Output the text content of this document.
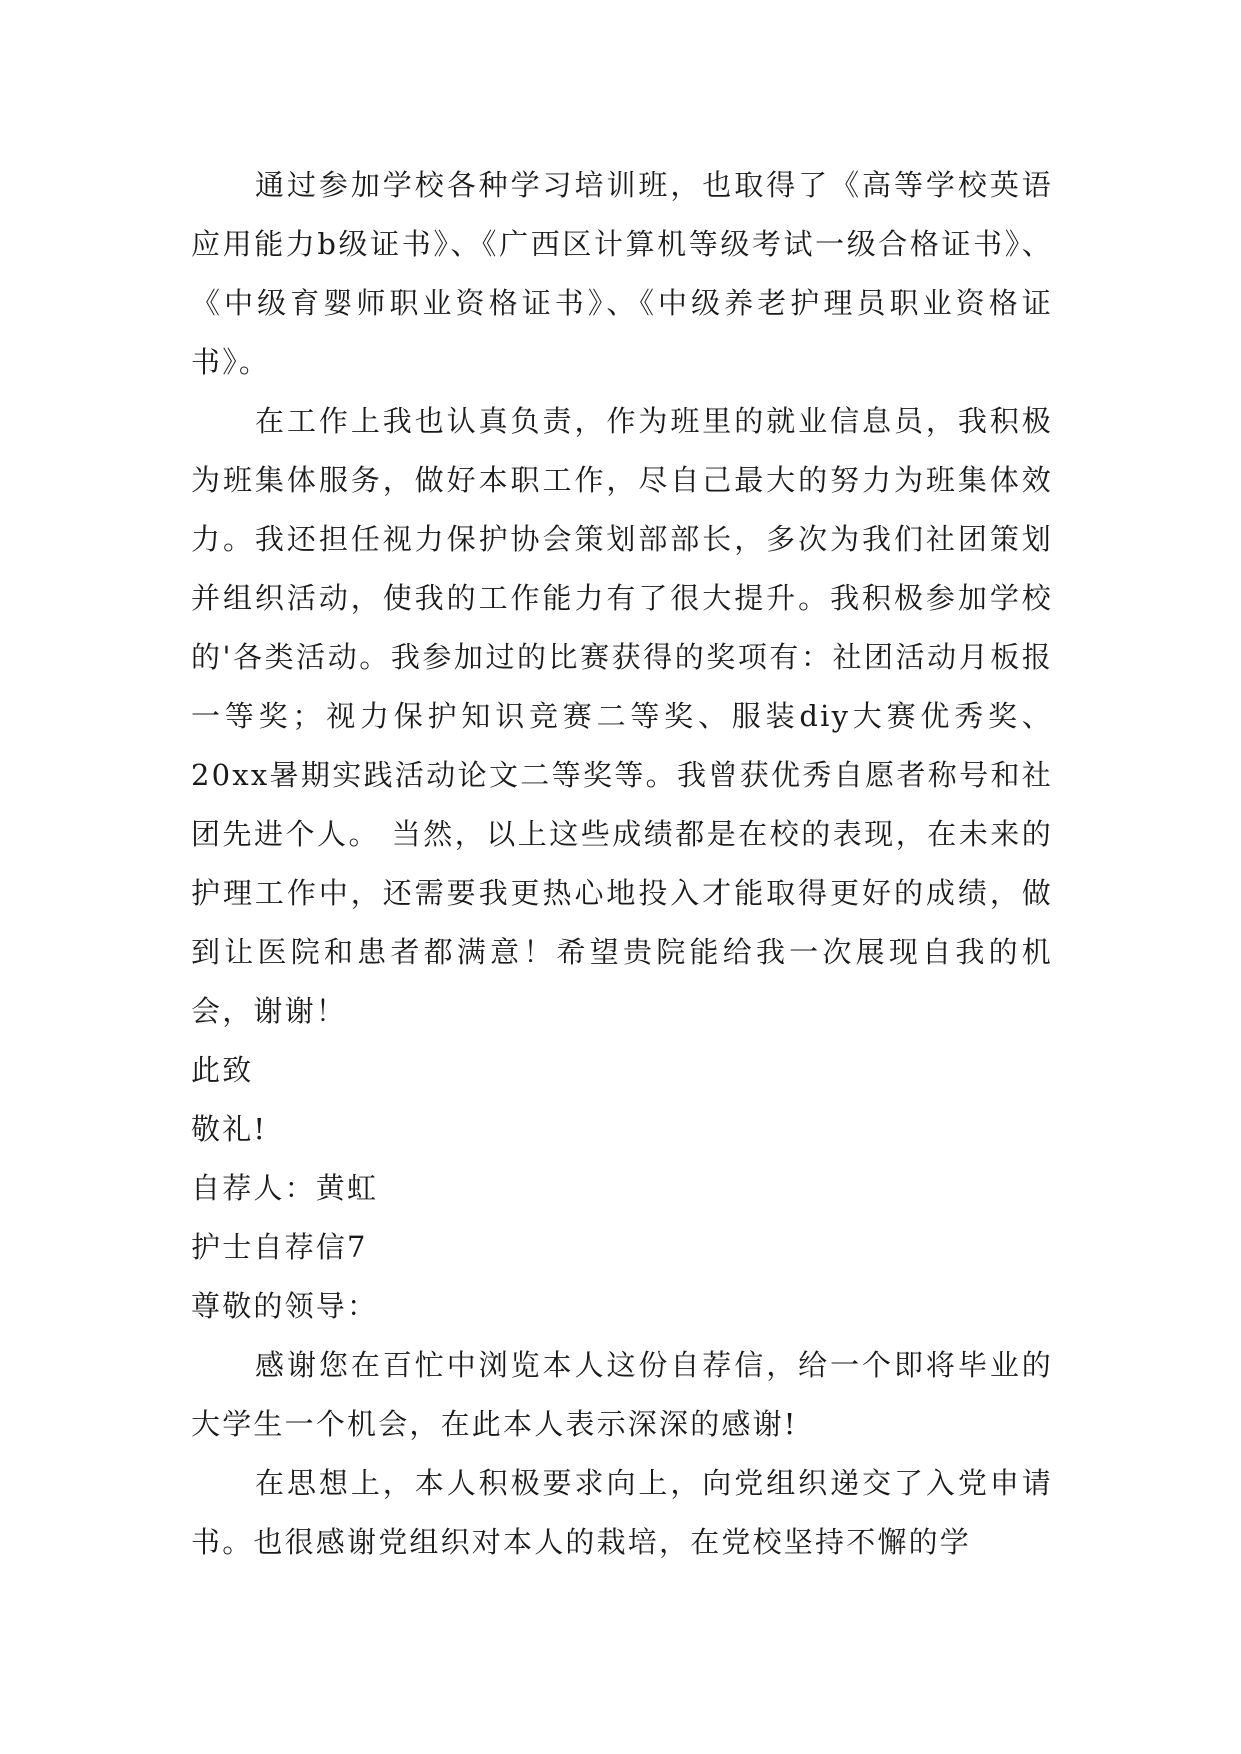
通过参加学校各种学习培训班，也取得了《高等学校英语应用能力b级证书》、《广西区计算机等级考试一级合格证书》、《中级育婴师职业资格证书》、《中级养老护理员职业资格证书》。

在工作上我也认真负责，作为班里的就业信息员，我积极为班集体服务，做好本职工作，尽自己最大的努力为班集体效力。我还担任视力保护协会策划部部长，多次为我们社团策划并组织活动，使我的工作能力有了很大提升。我积极参加学校的'各类活动。我参加过的比赛获得的奖项有：社团活动月板报一等奖；视力保护知识竞赛二等奖、服装diy大赛优秀奖、20xx暑期实践活动论文二等奖等。我曾获优秀自愿者称号和社团先进个人。 当然，以上这些成绩都是在校的表现，在未来的护理工作中，还需要我更热心地投入才能取得更好的成绩，做到让医院和患者都满意！希望贵院能给我一次展现自我的机会，谢谢！

此致

敬礼!

自荐人：黄虹

护士自荐信7

尊敬的领导：

感谢您在百忙中浏览本人这份自荐信，给一个即将毕业的大学生一个机会，在此本人表示深深的感谢!

在思想上，本人积极要求向上，向党组织递交了入党申请书。也很感谢党组织对本人的栽培，在党校坚持不懈的学
